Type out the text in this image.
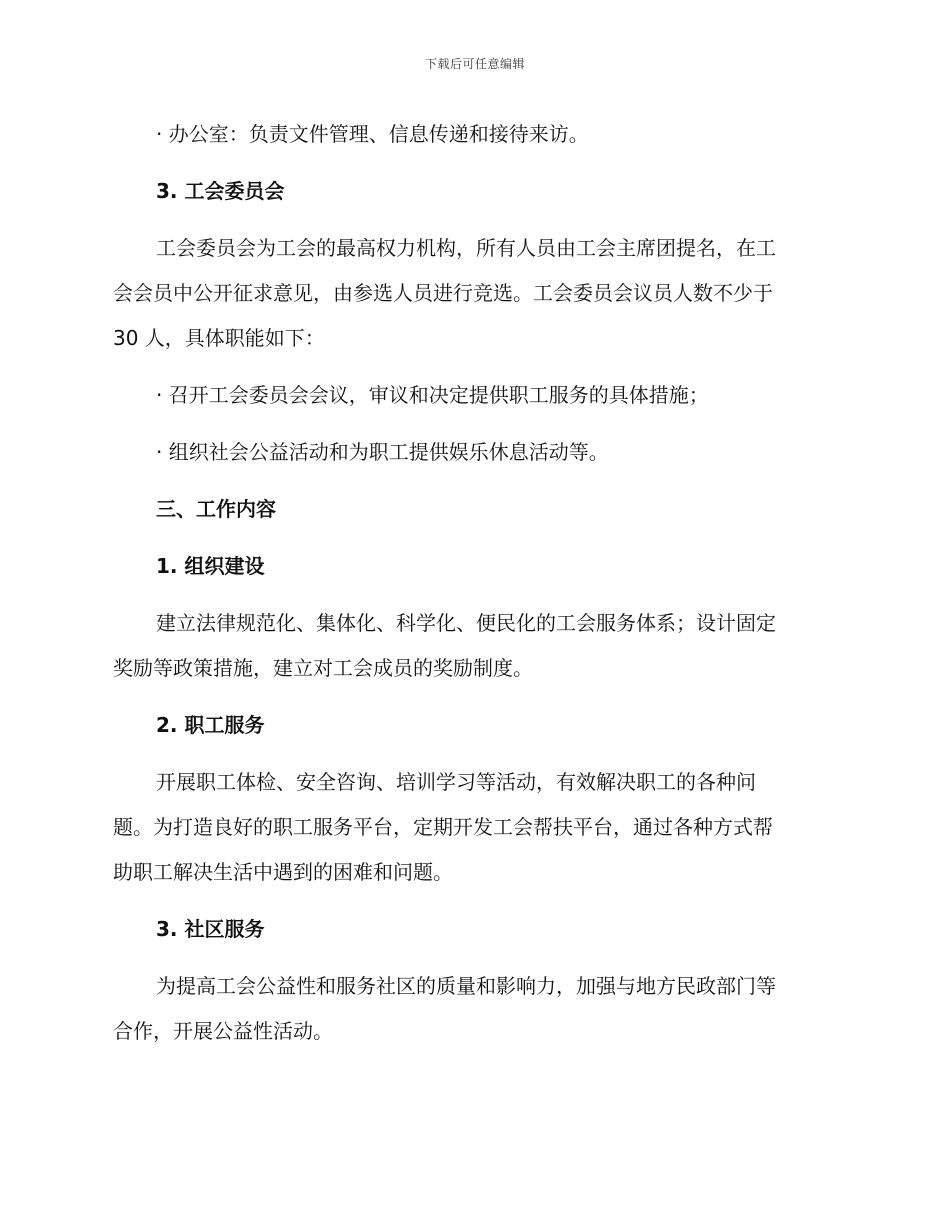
下载后可任意编辑

· 办公室：负责文件管理、信息传递和接待来访。

3. 工会委员会

工会委员会为工会的最高权力机构，所有人员由工会主席团提名，在工
会会员中公开征求意见，由参选人员进行竞选。工会委员会议员人数不少于
30 人，具体职能如下：

· 召开工会委员会会议，审议和决定提供职工服务的具体措施；

· 组织社会公益活动和为职工提供娱乐休息活动等。

三、工作内容

1. 组织建设

建立法律规范化、集体化、科学化、便民化的工会服务体系；设计固定
奖励等政策措施，建立对工会成员的奖励制度。

2. 职工服务

开展职工体检、安全咨询、培训学习等活动，有效解决职工的各种问
题。为打造良好的职工服务平台，定期开发工会帮扶平台，通过各种方式帮
助职工解决生活中遇到的困难和问题。

3. 社区服务

为提高工会公益性和服务社区的质量和影响力，加强与地方民政部门等
合作，开展公益性活动。
